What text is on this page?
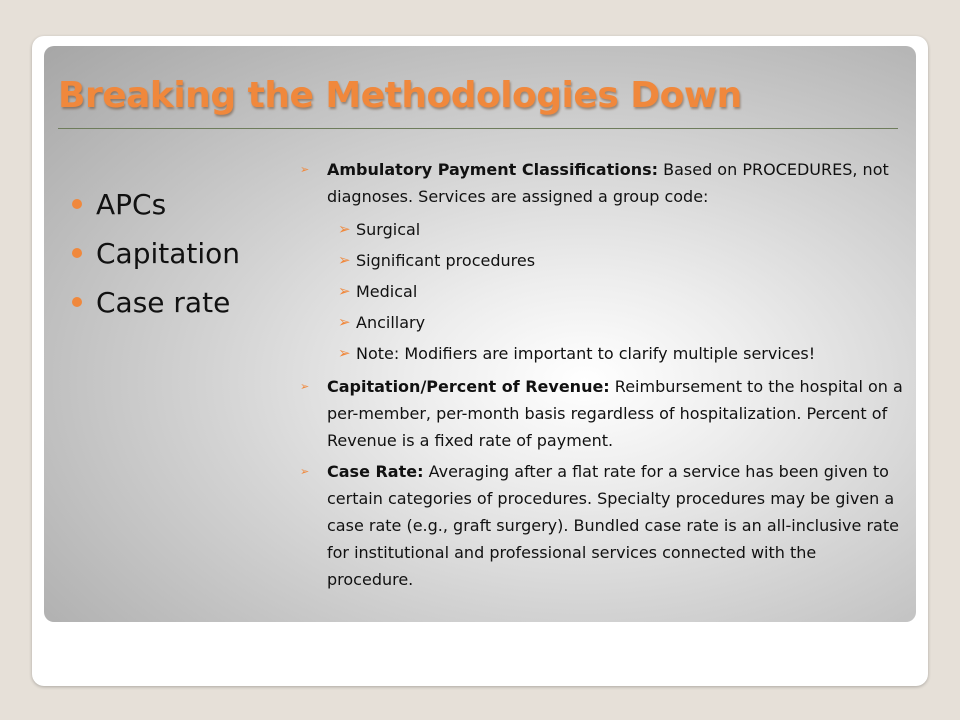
Breaking the Methodologies Down
APCs
Capitation
Case rate
➢ Ambulatory Payment Classifications: Based on PROCEDURES, not diagnoses. Services are assigned a group code:
➢ Surgical
➢ Significant procedures
➢ Medical
➢ Ancillary
➢ Note: Modifiers are important to clarify multiple services!
➢ Capitation/Percent of Revenue: Reimbursement to the hospital on a per-member, per-month basis regardless of hospitalization. Percent of Revenue is a fixed rate of payment.
➢ Case Rate: Averaging after a flat rate for a service has been given to certain categories of procedures. Specialty procedures may be given a case rate (e.g., graft surgery). Bundled case rate is an all-inclusive rate for institutional and professional services connected with the procedure.
